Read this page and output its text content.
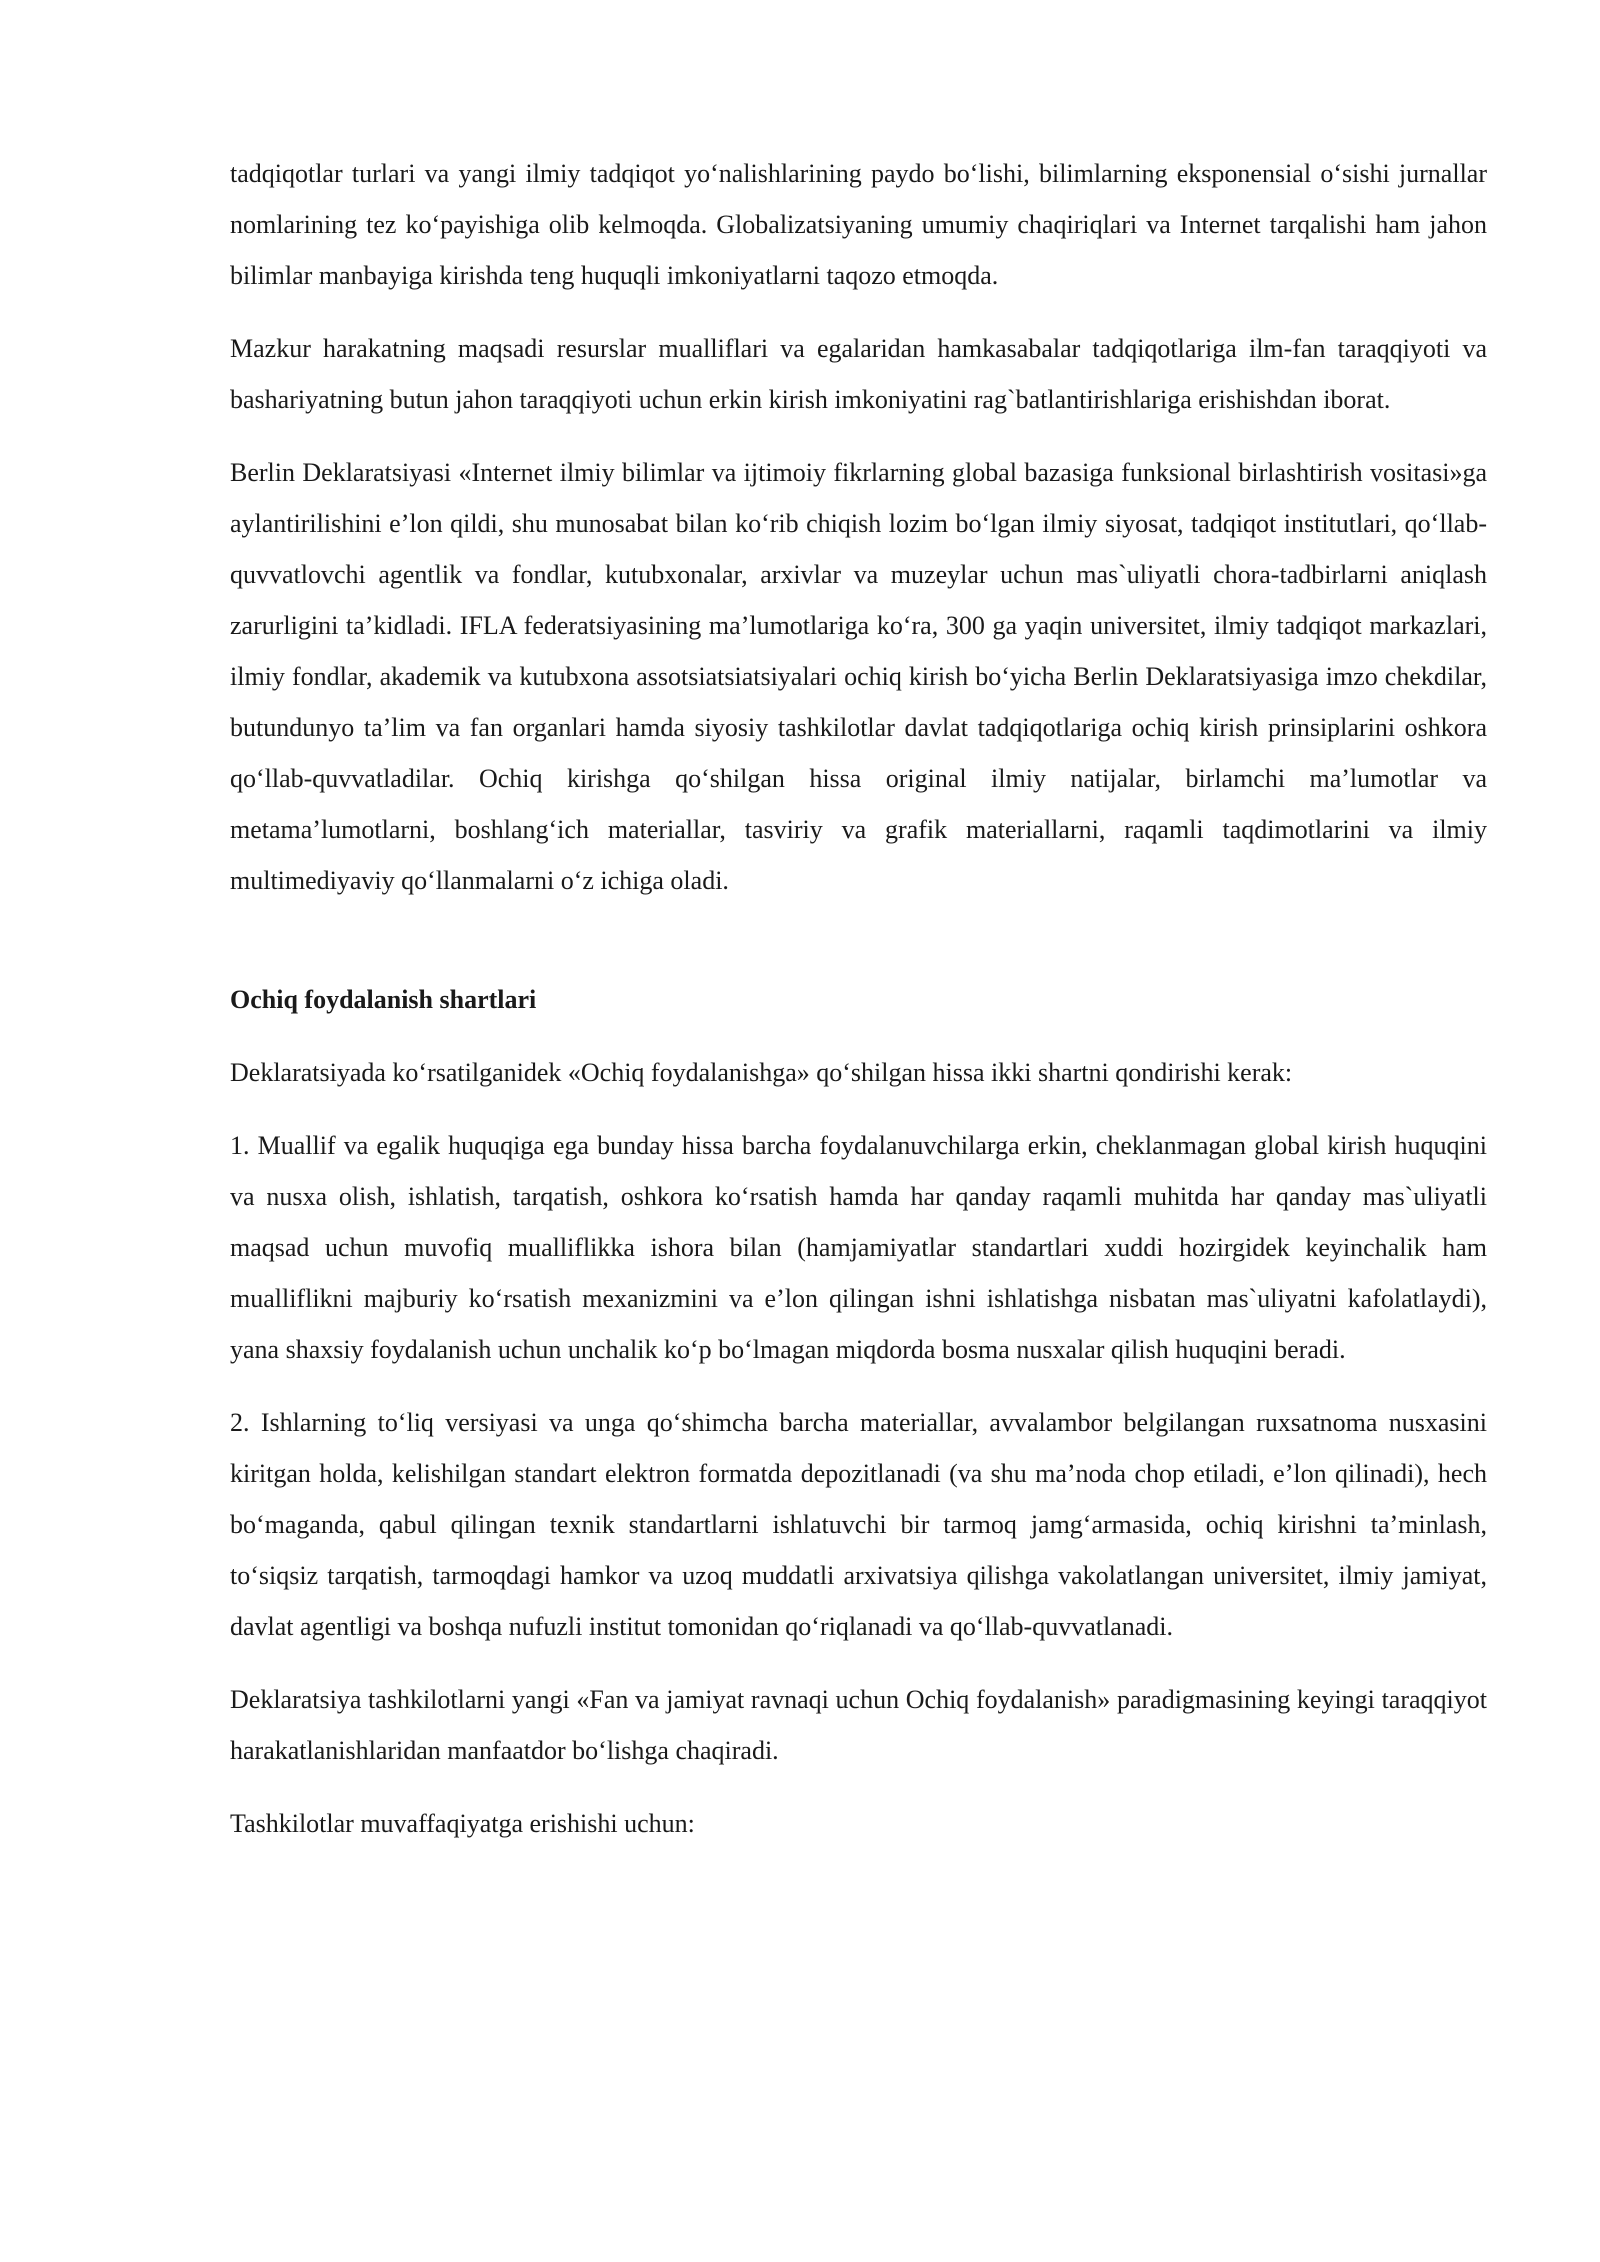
tadqiqotlar turlari va yangi ilmiy tadqiqot yo‘nalishlarining paydo bo‘lishi, bilimlarning eksponensial o‘sishi jurnallar nomlarining tez ko‘payishiga olib kelmoqda. Globalizatsiyaning umumiy chaqiriqlari va Internet tarqalishi ham jahon bilimlar manbayiga kirishda teng huquqli imkoniyatlarni taqozo etmoqda.

Mazkur harakatning maqsadi resurslar mualliflari va egalaridan hamkasabalar tadqiqotlariga ilm-fan taraqqiyoti va bashariyatning butun jahon taraqqiyoti uchun erkin kirish imkoniyatini rag`batlantirishlariga erishishdan iborat.

Berlin Deklaratsiyasi «Internet ilmiy bilimlar va ijtimoiy fikrlarning global bazasiga funksional birlashtirish vositasi»ga aylantirilishini e’lon qildi, shu munosabat bilan ko‘rib chiqish lozim bo‘lgan ilmiy siyosat, tadqiqot institutlari, qo‘llab-quvvatlovchi agentlik va fondlar, kutubxonalar, arxivlar va muzeylar uchun mas`uliyatli chora-tadbirlarni aniqlash zarurligini ta’kidladi. IFLA federatsiyasining ma’lumotlariga ko‘ra, 300 ga yaqin universitet, ilmiy tadqiqot markazlari, ilmiy fondlar, akademik va kutubxona assotsiatsiatsiyalari ochiq kirish bo‘yicha Berlin Deklaratsiyasiga imzo chekdilar, butundunyo ta’lim va fan organlari hamda siyosiy tashkilotlar davlat tadqiqotlariga ochiq kirish prinsiplarini oshkora qo‘llab-quvvatladilar. Ochiq kirishga qo‘shilgan hissa original ilmiy natijalar, birlamchi ma’lumotlar va metama’lumotlarni, boshlang‘ich materiallar, tasviriy va grafik materiallarni, raqamli taqdimotlarini va ilmiy multimediyaviy qo‘llanmalarni o‘z ichiga oladi.

Ochiq foydalanish shartlari

Deklaratsiyada ko‘rsatilganidek «Ochiq foydalanishga» qo‘shilgan hissa ikki shartni qondirishi kerak:

1. Muallif va egalik huquqiga ega bunday hissa barcha foydalanuvchilarga erkin, cheklanmagan global kirish huquqini va nusxa olish, ishlatish, tarqatish, oshkora ko‘rsatish hamda har qanday raqamli muhitda har qanday mas`uliyatli maqsad uchun muvofiq mualliflikka ishora bilan (hamjamiyatlar standartlari xuddi hozirgidek keyinchalik ham mualliflikni majburiy ko‘rsatish mexanizmini va e’lon qilingan ishni ishlatishga nisbatan mas`uliyatni kafolatlaydi), yana shaxsiy foydalanish uchun unchalik ko‘p bo‘lmagan miqdorda bosma nusxalar qilish huquqini beradi.

2. Ishlarning to‘liq versiyasi va unga qo‘shimcha barcha materiallar, avvalambor belgilangan ruxsatnoma nusxasini kiritgan holda, kelishilgan standart elektron formatda depozitlanadi (va shu ma’noda chop etiladi, e’lon qilinadi), hech bo‘maganda, qabul qilingan texnik standartlarni ishlatuvchi bir tarmoq jamg‘armasida, ochiq kirishni ta’minlash, to‘siqsiz tarqatish, tarmoqdagi hamkor va uzoq muddatli arxivatsiya qilishga vakolatlangan universitet, ilmiy jamiyat, davlat agentligi va boshqa nufuzli institut tomonidan qo‘riqlanadi va qo‘llab-quvvatlanadi.

Deklaratsiya tashkilotlarni yangi «Fan va jamiyat ravnaqi uchun Ochiq foydalanish» paradigmasining keyingi taraqqiyot harakatlanishlaridan manfaatdor bo‘lishga chaqiradi.

Tashkilotlar muvaffaqiyatga erishishi uchun:
